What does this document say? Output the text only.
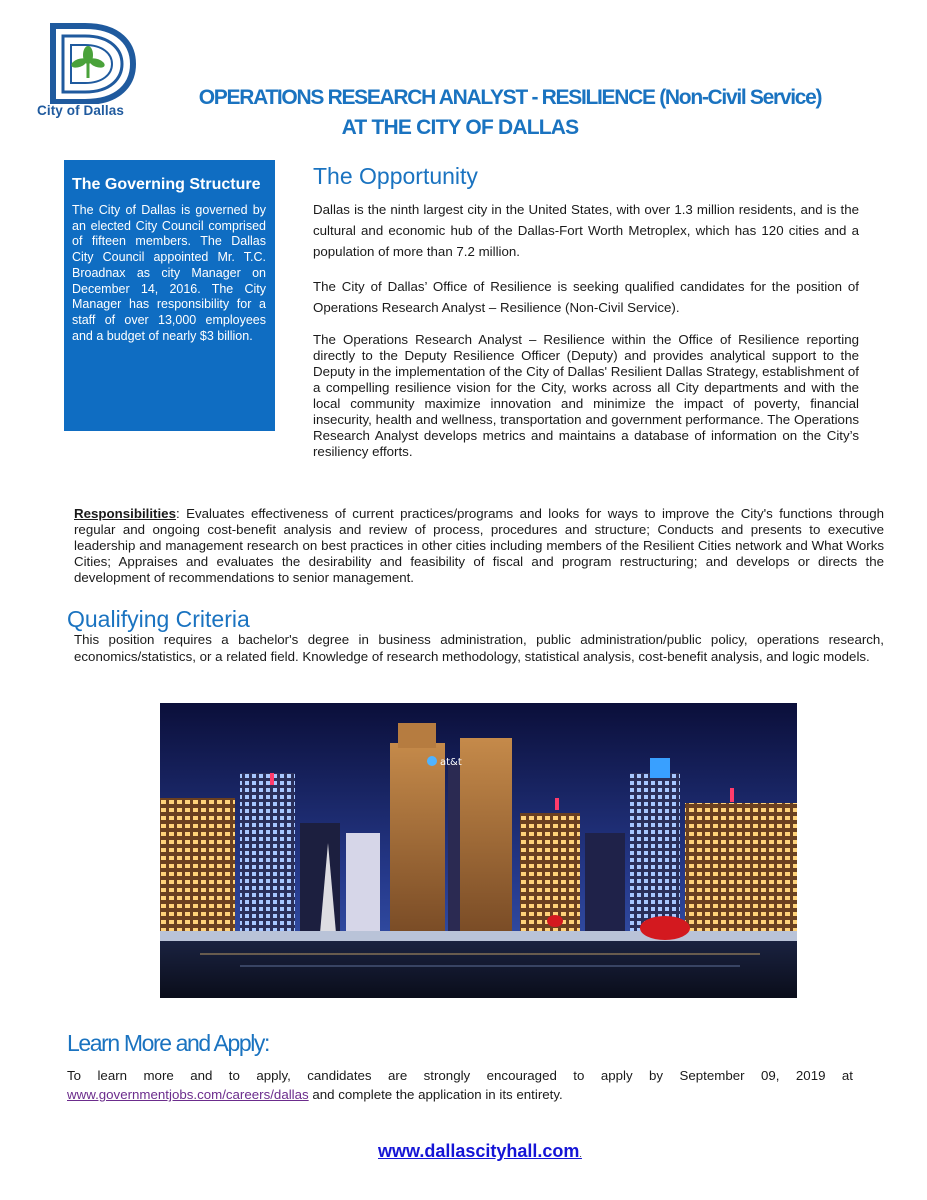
City of Dallas
OPERATIONS RESEARCH ANALYST - RESILIENCE (Non-Civil Service)
AT THE CITY OF DALLAS
The Governing Structure

The City of Dallas is governed by an elected City Council comprised of fifteen members. The Dallas City Council appointed Mr. T.C. Broadnax as city Manager on December 14, 2016. The City Manager has responsibility for a staff of over 13,000 employees and a budget of nearly $3 billion.

The Opportunity
Dallas is the ninth largest city in the United States, with over 1.3 million residents, and is the cultural and economic hub of the Dallas-Fort Worth Metroplex, which has 120 cities and a population of more than 7.2 million.
The City of Dallas’ Office of Resilience is seeking qualified candidates for the position of Operations Research Analyst – Resilience (Non-Civil Service).
The Operations Research Analyst – Resilience within the Office of Resilience reporting directly to the Deputy Resilience Officer (Deputy) and provides analytical support to the Deputy in the implementation of the City of Dallas' Resilient Dallas Strategy, establishment of a compelling resilience vision for the City, works across all City departments and with the local community maximize innovation and minimize the impact of poverty, financial insecurity, health and wellness, transportation and government performance. The Operations Research Analyst develops metrics and maintains a database of information on the City’s resiliency efforts.
Responsibilities: Evaluates effectiveness of current practices/programs and looks for ways to improve the City's functions through regular and ongoing cost-benefit analysis and review of process, procedures and structure; Conducts and presents to executive leadership and management research on best practices in other cities including members of the Resilient Cities network and What Works Cities; Appraises and evaluates the desirability and feasibility of fiscal and program restructuring; and develops or directs the development of recommendations to senior management.
Qualifying Criteria
This position requires a bachelor's degree in business administration, public administration/public policy, operations research, economics/statistics, or a related field. Knowledge of research methodology, statistical analysis, cost-benefit analysis, and logic models.
at&t
Learn More and Apply:
To learn more and to apply, candidates are strongly encouraged to apply by September 09, 2019 at www.governmentjobs.com/careers/dallas and complete the application in its entirety.
www.dallascityhall.com.
